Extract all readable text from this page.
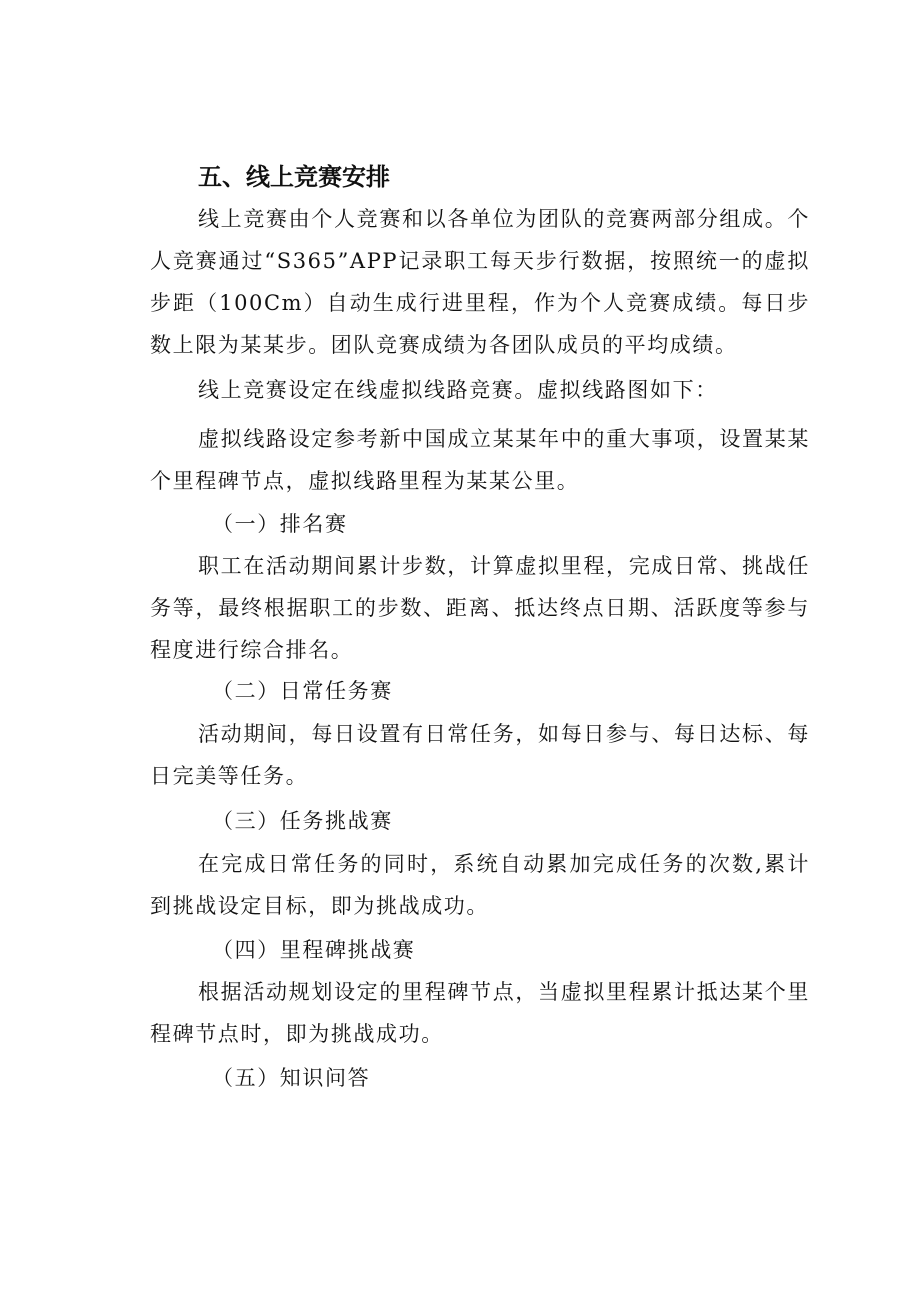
五、线上竞赛安排

线上竞赛由个人竞赛和以各单位为团队的竞赛两部分组成。个人竞赛通过“S365”APP记录职工每天步行数据，按照统一的虚拟步距（100Cm）自动生成行进里程，作为个人竞赛成绩。每日步数上限为某某步。团队竞赛成绩为各团队成员的平均成绩。

线上竞赛设定在线虚拟线路竞赛。虚拟线路图如下：

虚拟线路设定参考新中国成立某某年中的重大事项，设置某某个里程碑节点，虚拟线路里程为某某公里。

（一）排名赛

职工在活动期间累计步数，计算虚拟里程，完成日常、挑战任务等，最终根据职工的步数、距离、抵达终点日期、活跃度等参与程度进行综合排名。

（二）日常任务赛

活动期间，每日设置有日常任务，如每日参与、每日达标、每日完美等任务。

（三）任务挑战赛

在完成日常任务的同时，系统自动累加完成任务的次数,累计到挑战设定目标，即为挑战成功。

（四）里程碑挑战赛

根据活动规划设定的里程碑节点，当虚拟里程累计抵达某个里程碑节点时，即为挑战成功。

（五）知识问答
